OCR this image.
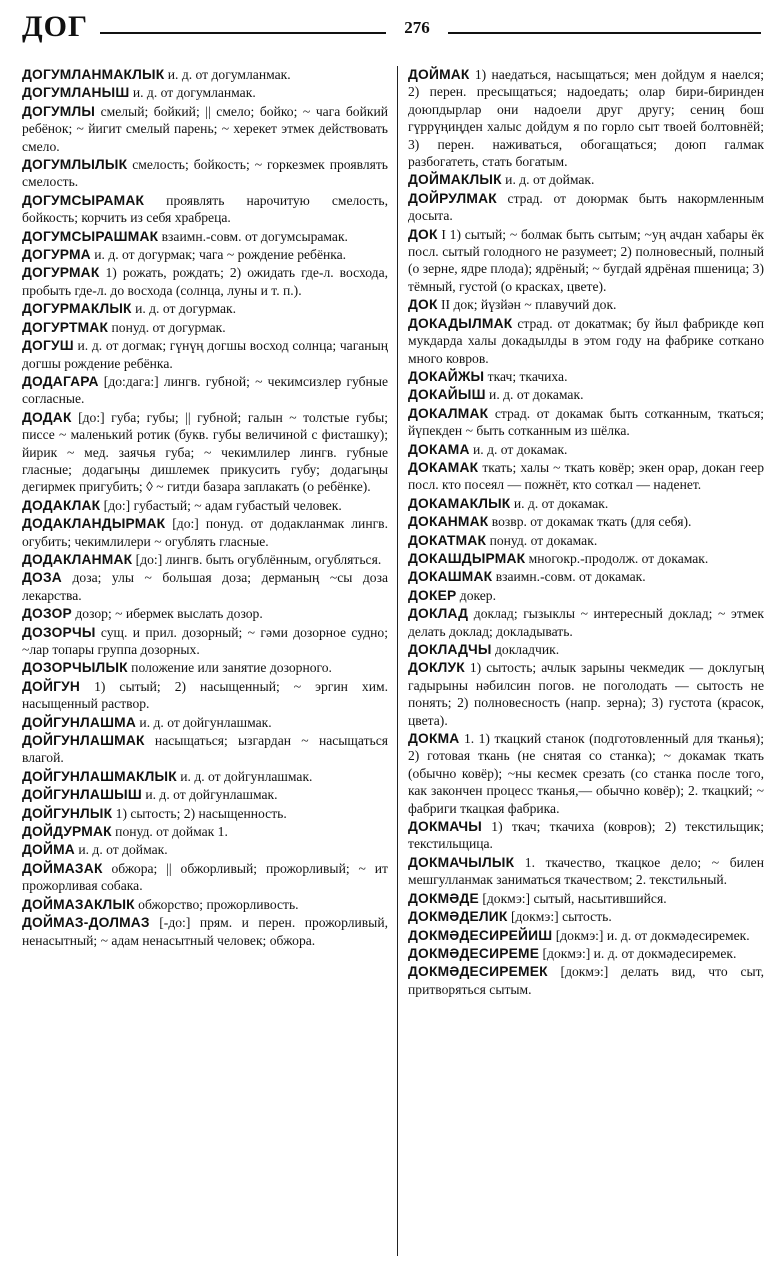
ДОГ	276

ДОГУМЛАНМАКЛЫК и. д. от догумланмак.

ДОГУМЛАНЫШ и. д. от догумланмак.

ДОГУМЛЫ смелый; бойкий; || смело; бойко; ~ чага бойкий ребёнок; ~ йигит смелый парень; ~ херекет этмек действовать смело.

ДОГУМЛЫЛЫК смелость; бойкость; ~ горкезмек проявлять смелость.

ДОГУМСЫРАМАК проявлять нарочитую смелость, бойкость; корчить из себя храбреца.

ДОГУМСЫРАШМАК взаимн.-совм. от догумсырамак.

ДОГУРМА и. д. от догурмак; чага ~ рождение ребёнка.

ДОГУРМАК 1) рожать, рождать; 2) ожидать где-л. восхода, пробыть где-л. до восхода (солнца, луны и т. п.).

ДОГУРМАКЛЫК и. д. от догурмак.

ДОГУРТМАК понуд. от догурмак.

ДОГУШ и. д. от догмак; гүнүң догшы восход солнца; чаганың догшы рождение ребёнка.

ДОДАГАРА [до:дага:] лингв. губной; ~ чекимсизлер губные согласные.

ДОДАК [до:] губа; губы; || губной; галын ~ толстые губы; писсе ~ маленький ротик (букв. губы величиной с фисташку); йирик ~ мед. заячья губа; ~ чекимлилер лингв. губные гласные; додагыңы дишлемек прикусить губу; додагыңы дегирмек пригубить; ◊ ~ гитди базара заплакать (о ребёнке).

ДОДАКЛАК [до:] губастый; ~ адам губастый человек.

ДОДАКЛАНДЫРМАК [до:] понуд. от додакланмак лингв. огубить; чекимлилери ~ огублять гласные.

ДОДАКЛАНМАК [до:] лингв. быть огублённым, огубляться.

ДОЗА доза; улы ~ большая доза; дерманың ~сы доза лекарства.

ДОЗОР дозор; ~ ибермек выслать дозор.

ДОЗОРЧЫ сущ. и прил. дозорный; ~ гәми дозорное судно; ~лар топары группа дозорных.

ДОЗОРЧЫЛЫК положение или занятие дозорного.

ДОЙГУН 1) сытый; 2) насыщенный; ~ эргин хим. насыщенный раствор.

ДОЙГУНЛАШМА и. д. от дойгунлашмак.

ДОЙГУНЛАШМАК насыщаться; ызгардан ~ насыщаться влагой.

ДОЙГУНЛАШМАКЛЫК и. д. от дойгунлашмак.

ДОЙГУНЛАШЫШ и. д. от дойгунлашмак.

ДОЙГУНЛЫК 1) сытость; 2) насыщенность.

ДОЙДУРМАК понуд. от доймак 1.

ДОЙМА и. д. от доймак.

ДОЙМАЗАК обжора; || обжорливый; прожорливый; ~ ит прожорливая собака.

ДОЙМАЗАКЛЫК обжорство; прожорливость.

ДОЙМАЗ-ДОЛМАЗ [-до:] прям. и перен. прожорливый, ненасытный; ~ адам ненасытный человек; обжора.

ДОЙМАК 1) наедаться, насыщаться; мен дойдум я наелся; 2) перен. пресыщаться; надоедать; олар бири-биринден доюпдырлар они надоели друг другу; сениң бош гүррүңиңден халыс дойдум я по горло сыт твоей болтовнёй; 3) перен. наживаться, обогащаться; доюп галмак разбогатеть, стать богатым.

ДОЙМАКЛЫК и. д. от доймак.

ДОЙРУЛМАК страд. от доюрмак быть накормленным досыта.

ДОК I 1) сытый; ~ болмак быть сытым; ~уң ачдан хабары ёк посл. сытый голодного не разумеет; 2) полновесный, полный (о зерне, ядре плода); ядрёный; ~ бугдай ядрёная пшеница; 3) тёмный, густой (о красках, цвете).

ДОК II док; йүзйән ~ плавучий док.

ДОКАДЫЛМАК страд. от докатмак; бу йыл фабрикде көп мукдарда халы докадылды в этом году на фабрике соткано много ковров.

ДОКАЙЖЫ ткач; ткачиха.

ДОКАЙЫШ и. д. от докамак.

ДОКАЛМАК страд. от докамак быть сотканным, ткаться; йүпекден ~ быть сотканным из шёлка.

ДОКАМА и. д. от докамак.

ДОКАМАК ткать; халы ~ ткать ковёр; экен орар, докан геер посл. кто посеял — пожнёт, кто соткал — наденет.

ДОКАМАКЛЫК и. д. от докамак.

ДОКАНМАК возвр. от докамак ткать (для себя).

ДОКАТМАК понуд. от докамак.

ДОКАШДЫРМАК многокр.-продолж. от докамак.

ДОКАШМАК взаимн.-совм. от докамак.

ДОКЕР докер.

ДОКЛАД доклад; гызыклы ~ интересный доклад; ~ этмек делать доклад; докладывать.

ДОКЛАДЧЫ докладчик.

ДОКЛУК 1) сытость; ачлык зарыны чекмедик — доклугың гадырыны нәбилсин погов. не поголодать — сытость не понять; 2) полновесность (напр. зерна); 3) густота (красок, цвета).

ДОКМА 1. 1) ткацкий станок (подготовленный для тканья); 2) готовая ткань (не снятая со станка); ~ докамак ткать (обычно ковёр); ~ны кесмек срезать (со станка после того, как закончен процесс тканья,— обычно ковёр); 2. ткацкий; ~ фабриги ткацкая фабрика.

ДОКМАЧЫ 1) ткач; ткачиха (ковров); 2) текстильщик; текстильщица.

ДОКМАЧЫЛЫК 1. ткачество, ткацкое дело; ~ билен мешгулланмак заниматься ткачеством; 2. текстильный.

ДОКМӘДЕ [докмэ:] сытый, насытившийся.

ДОКМӘДЕЛИК [докмэ:] сытость.

ДОКМӘДЕСИРЕЙИШ [докмэ:] и. д. от докмәдесиремек.

ДОКМӘДЕСИРЕМЕ [докмэ:] и. д. от докмәдесиремек.

ДОКМӘДЕСИРЕМЕК [докмэ:] делать вид, что сыт, притворяться сытым.
